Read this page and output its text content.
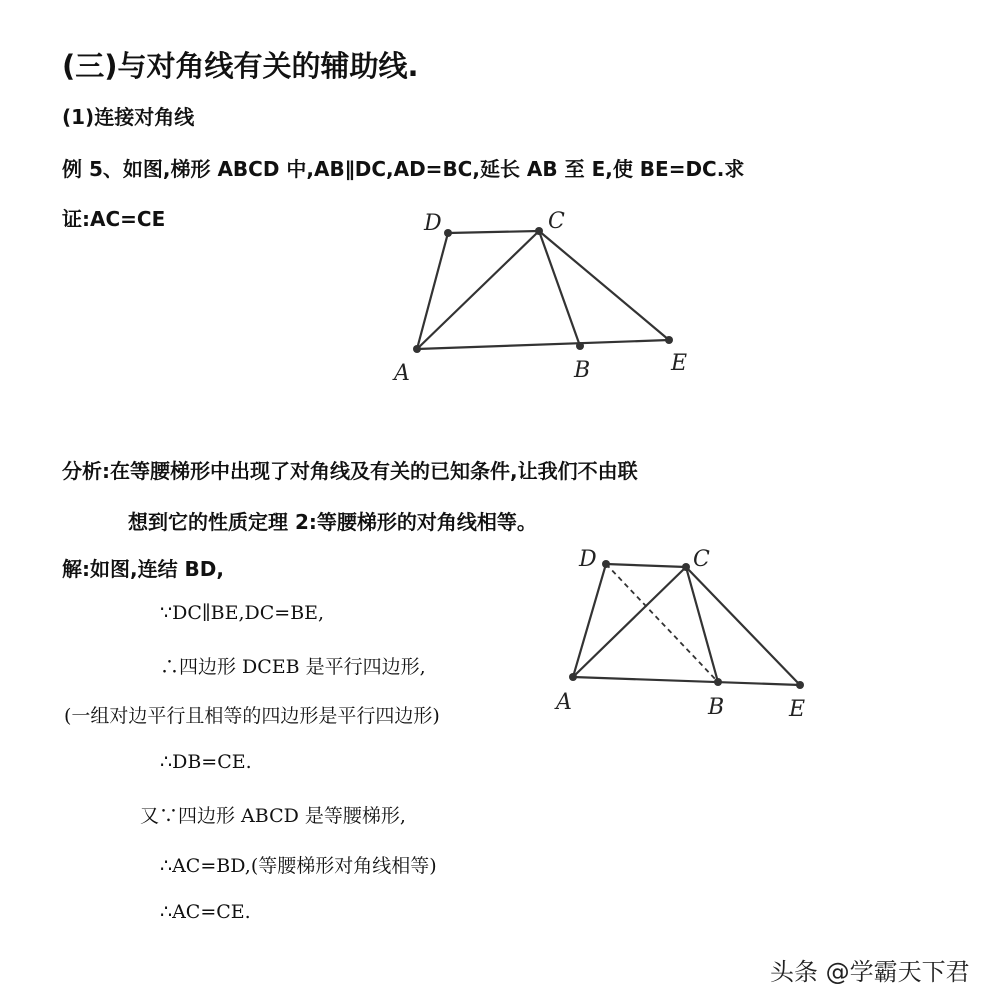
(三)与对角线有关的辅助线.
(1)连接对角线
例 5、如图,梯形 ABCD 中,AB∥DC,AD=BC,延长 AB 至 E,使 BE=DC.求
证:AC=CE	D	C
A	B	E
分析:在等腰梯形中出现了对角线及有关的已知条件,让我们不由联
想到它的性质定理 2:等腰梯形的对角线相等。
解:如图,连结 BD,
∵DC∥BE,DC=BE,
∴四边形 DCEB 是平行四边形,
(一组对边平行且相等的四边形是平行四边形)
∴DB=CE.
又∵四边形 ABCD 是等腰梯形,
∴AC=BD,(等腰梯形对角线相等)
∴AC=CE.
D	C
A	B	E
头条 @学霸天下君
